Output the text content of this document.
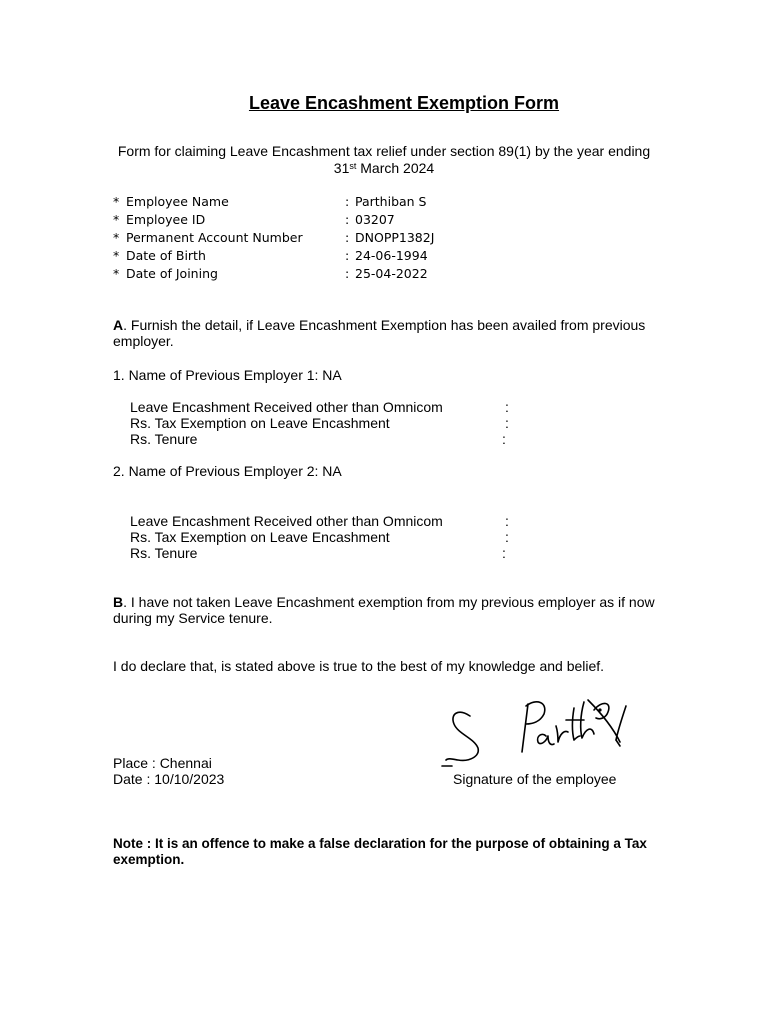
Leave Encashment Exemption Form
Form for claiming Leave Encashment tax relief under section 89(1) by the year ending
31st March 2024
* Employee Name	: Parthiban S
* Employee ID	: 03207
* Permanent Account Number	: DNOPP1382J
* Date of Birth	: 24-06-1994
* Date of Joining	: 25-04-2022
A. Furnish the detail, if Leave Encashment Exemption has been availed from previous
employer.
1. Name of Previous Employer 1: NA
Leave Encashment Received other than Omnicom	:
Rs. Tax Exemption on Leave Encashment	:
Rs. Tenure	:
2. Name of Previous Employer 2: NA
Leave Encashment Received other than Omnicom	:
Rs. Tax Exemption on Leave Encashment	:
Rs. Tenure	:
B. I have not taken Leave Encashment exemption from my previous employer as if now
during my Service tenure.
I do declare that, is stated above is true to the best of my knowledge and belief.
Place : Chennai
Date : 10/10/2023	Signature of the employee
Note : It is an offence to make a false declaration for the purpose of obtaining a Tax exemption.
